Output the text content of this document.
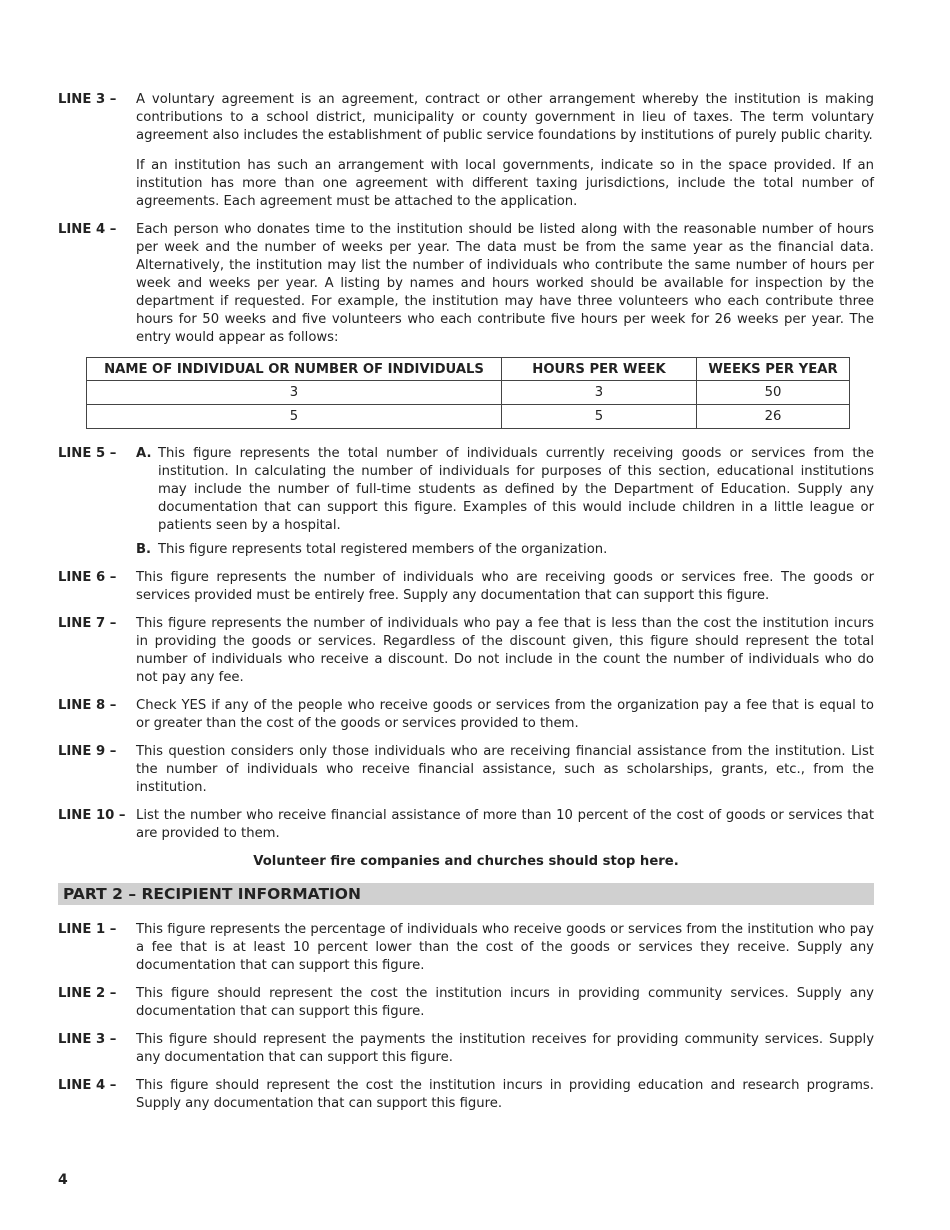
LINE 3 –	A voluntary agreement is an agreement, contract or other arrangement whereby the institution is making contributions to a school district, municipality or county government in lieu of taxes. The term voluntary agreement also includes the establishment of public service foundations by institutions of purely public charity.

If an institution has such an arrangement with local governments, indicate so in the space provided. If an institution has more than one agreement with different taxing jurisdictions, include the total number of agreements. Each agreement must be attached to the application.

LINE 4 –	Each person who donates time to the institution should be listed along with the reasonable number of hours per week and the number of weeks per year. The data must be from the same year as the financial data. Alternatively, the institution may list the number of individuals who contribute the same number of hours per week and weeks per year. A listing by names and hours worked should be available for inspection by the department if requested. For example, the institution may have three volunteers who each contribute three hours for 50 weeks and five volunteers who each contribute five hours per week for 26 weeks per year. The entry would appear as follows:

NAME OF INDIVIDUAL OR NUMBER OF INDIVIDUALS	HOURS PER WEEK	WEEKS PER YEAR
3	3	50
5	5	26
LINE 5 –	A. This figure represents the total number of individuals currently receiving goods or services from the institution. In calculating the number of individuals for purposes of this section, educational institutions may include the number of full-time students as defined by the Department of Education. Supply any documentation that can support this figure. Examples of this would include children in a little league or patients seen by a hospital.
B. This figure represents total registered members of the organization.
LINE 6 –	This figure represents the number of individuals who are receiving goods or services free. The goods or services provided must be entirely free. Supply any documentation that can support this figure.
LINE 7 –	This figure represents the number of individuals who pay a fee that is less than the cost the institution incurs in providing the goods or services. Regardless of the discount given, this figure should represent the total number of individuals who receive a discount. Do not include in the count the number of individuals who do not pay any fee.
LINE 8 –	Check YES if any of the people who receive goods or services from the organization pay a fee that is equal to or greater than the cost of the goods or services provided to them.
LINE 9 –	This question considers only those individuals who are receiving financial assistance from the institution. List the number of individuals who receive financial assistance, such as scholarships, grants, etc., from the institution.
LINE 10 – List the number who receive financial assistance of more than 10 percent of the cost of goods or services that are provided to them.
Volunteer fire companies and churches should stop here.
PART 2 – RECIPIENT INFORMATION
LINE 1 –	This figure represents the percentage of individuals who receive goods or services from the institution who pay a fee that is at least 10 percent lower than the cost of the goods or services they receive. Supply any documentation that can support this figure.
LINE 2 –	This figure should represent the cost the institution incurs in providing community services. Supply any documentation that can support this figure.
LINE 3 –	This figure should represent the payments the institution receives for providing community services. Supply any documentation that can support this figure.
LINE 4 –	This figure should represent the cost the institution incurs in providing education and research programs. Supply any documentation that can support this figure.
4
